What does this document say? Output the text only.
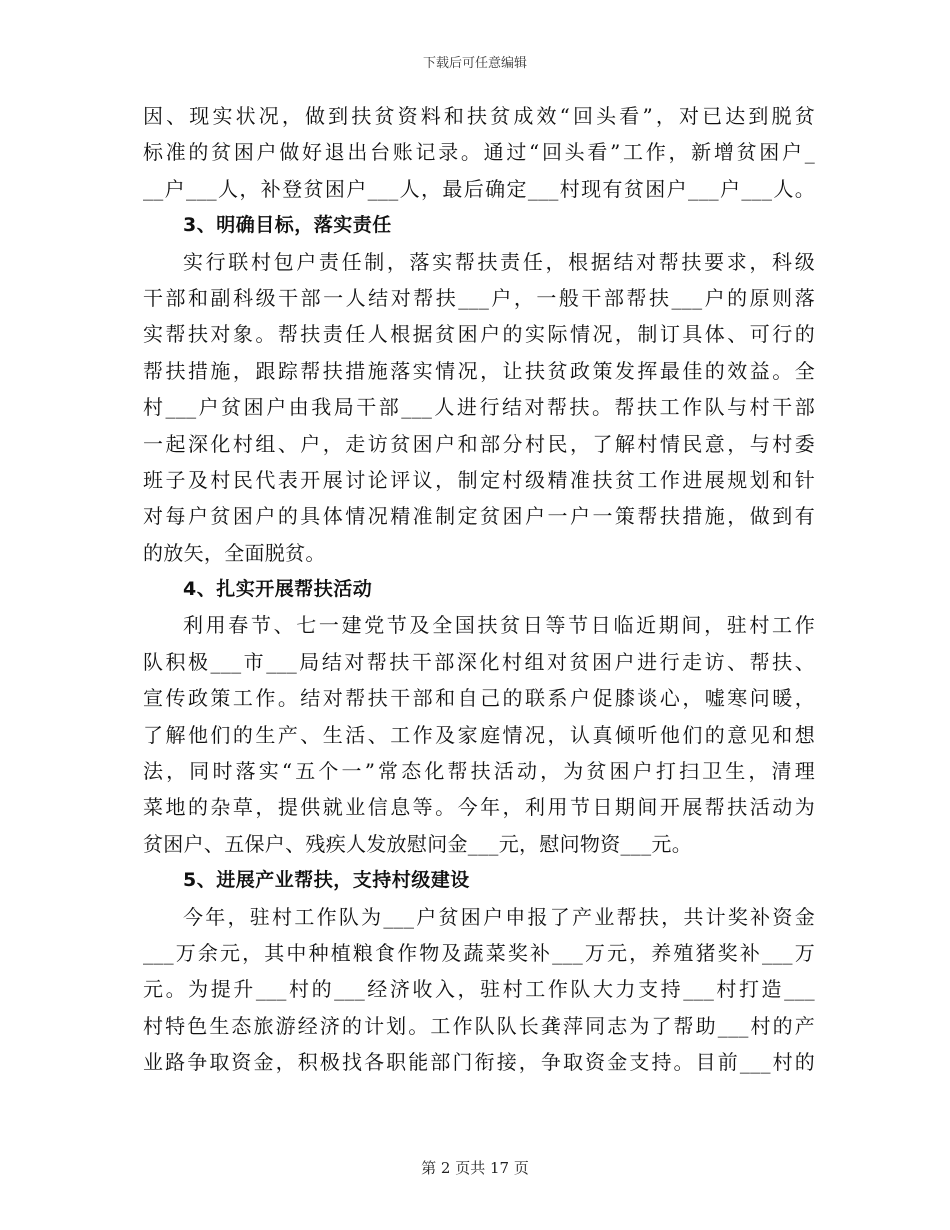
下载后可任意编辑
因、现实状况，做到扶贫资料和扶贫成效“回头看”，对已达到脱贫
标准的贫困户做好退出台账记录。通过“回头看”工作，新增贫困户_
__户___人，补登贫困户___人，最后确定___村现有贫困户___户___人。
3、明确目标，落实责任
实行联村包户责任制，落实帮扶责任，根据结对帮扶要求，科级
干部和副科级干部一人结对帮扶___户，一般干部帮扶___户的原则落
实帮扶对象。帮扶责任人根据贫困户的实际情况，制订具体、可行的
帮扶措施，跟踪帮扶措施落实情况，让扶贫政策发挥最佳的效益。全
村___户贫困户由我局干部___人进行结对帮扶。帮扶工作队与村干部
一起深化村组、户，走访贫困户和部分村民，了解村情民意，与村委
班子及村民代表开展讨论评议，制定村级精准扶贫工作进展规划和针
对每户贫困户的具体情况精准制定贫困户一户一策帮扶措施，做到有
的放矢，全面脱贫。
4、扎实开展帮扶活动
利用春节、七一建党节及全国扶贫日等节日临近期间，驻村工作
队积极___市___局结对帮扶干部深化村组对贫困户进行走访、帮扶、
宣传政策工作。结对帮扶干部和自己的联系户促膝谈心，嘘寒问暖，
了解他们的生产、生活、工作及家庭情况，认真倾听他们的意见和想
法，同时落实“五个一”常态化帮扶活动，为贫困户打扫卫生，清理
菜地的杂草，提供就业信息等。今年，利用节日期间开展帮扶活动为
贫困户、五保户、残疾人发放慰问金___元，慰问物资___元。
5、进展产业帮扶，支持村级建设
今年，驻村工作队为___户贫困户申报了产业帮扶，共计奖补资金
___万余元，其中种植粮食作物及蔬菜奖补___万元，养殖猪奖补___万
元。为提升___村的___经济收入，驻村工作队大力支持___村打造___
村特色生态旅游经济的计划。工作队队长龚萍同志为了帮助___村的产
业路争取资金，积极找各职能部门衔接，争取资金支持。目前___村的
第 2 页共 17 页
